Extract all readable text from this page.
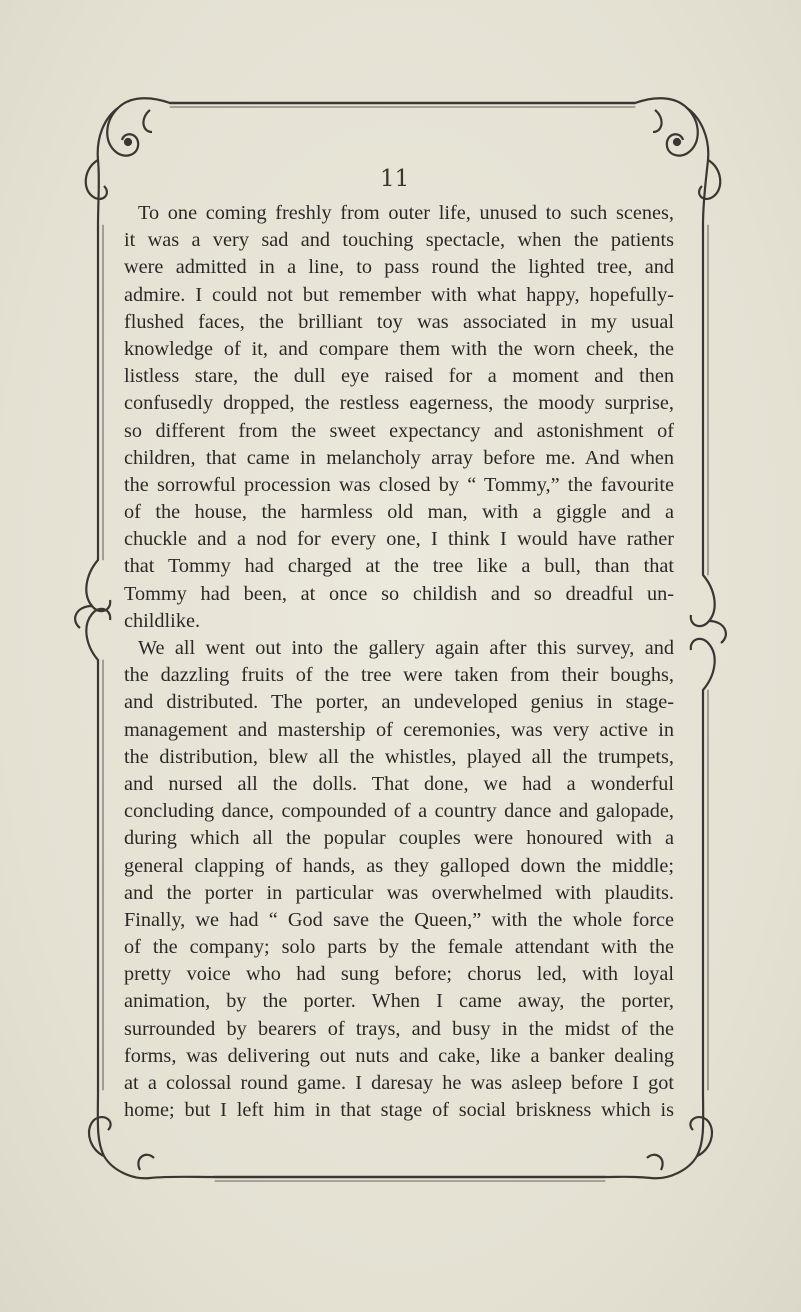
11
To one coming freshly from outer life, unused to such scenes,
it was a very sad and touching spectacle, when the patients
were admitted in a line, to pass round the lighted tree, and
admire. I could not but remember with what happy, hopefully-
flushed faces, the brilliant toy was associated in my usual
knowledge of it, and compare them with the worn cheek, the
listless stare, the dull eye raised for a moment and then
confusedly dropped, the restless eagerness, the moody surprise,
so different from the sweet expectancy and astonishment of
children, that came in melancholy array before me. And when
the sorrowful procession was closed by “ Tommy,” the favourite
of the house, the harmless old man, with a giggle and a
chuckle and a nod for every one, I think I would have rather
that Tommy had charged at the tree like a bull, than that
Tommy had been, at once so childish and so dreadful un-
childlike.
We all went out into the gallery again after this survey, and
the dazzling fruits of the tree were taken from their boughs,
and distributed. The porter, an undeveloped genius in stage-
management and mastership of ceremonies, was very active in
the distribution, blew all the whistles, played all the trumpets,
and nursed all the dolls. That done, we had a wonderful
concluding dance, compounded of a country dance and galopade,
during which all the popular couples were honoured with a
general clapping of hands, as they galloped down the middle;
and the porter in particular was overwhelmed with plaudits.
Finally, we had “ God save the Queen,” with the whole force
of the company; solo parts by the female attendant with the
pretty voice who had sung before; chorus led, with loyal
animation, by the porter. When I came away, the porter,
surrounded by bearers of trays, and busy in the midst of the
forms, was delivering out nuts and cake, like a banker dealing
at a colossal round game. I daresay he was asleep before I got
home; but I left him in that stage of social briskness which is
